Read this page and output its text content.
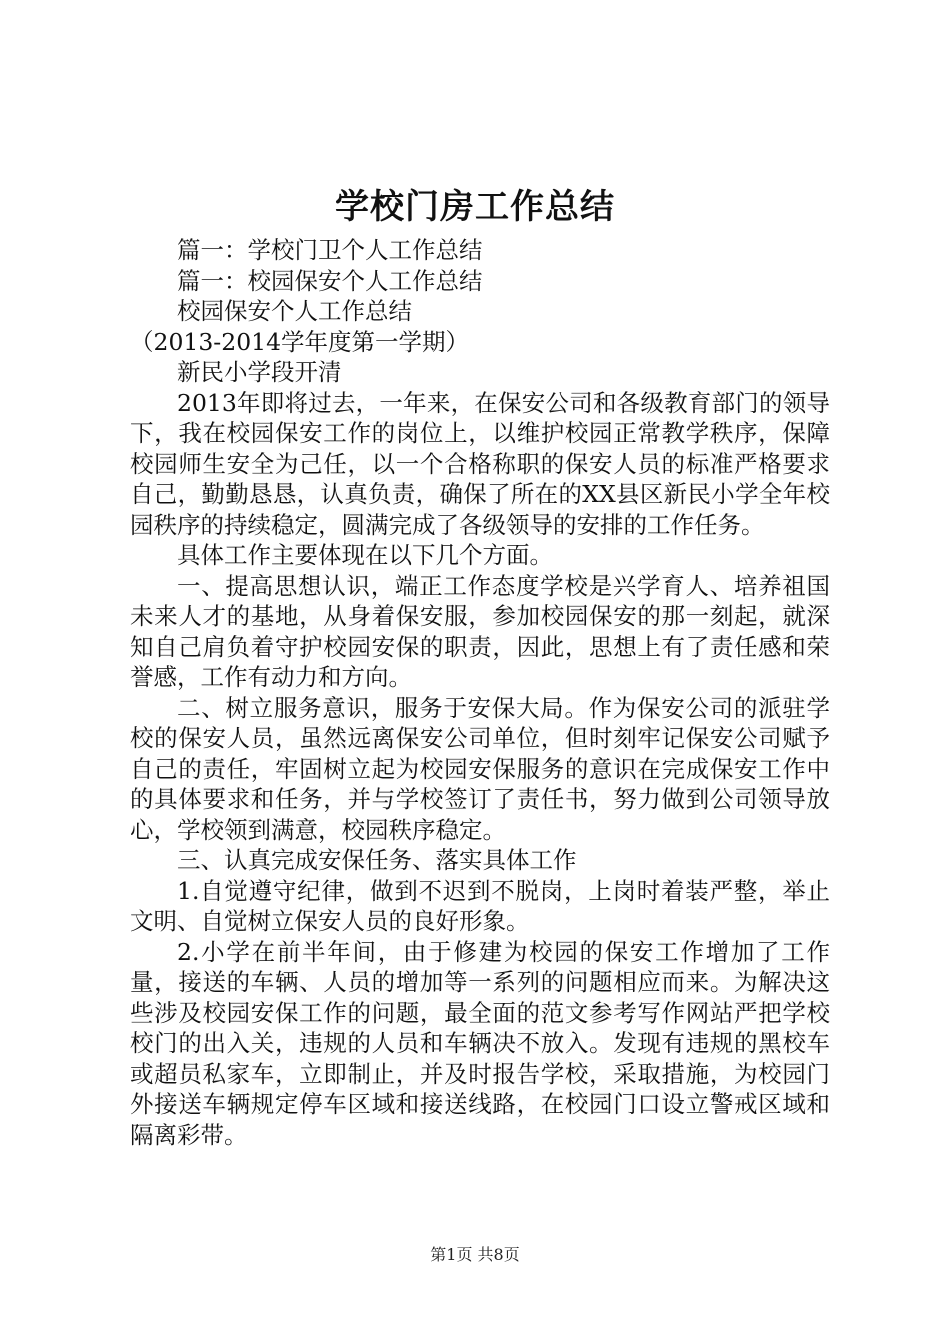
学校门房工作总结

篇一：学校门卫个人工作总结

篇一：校园保安个人工作总结

校园保安个人工作总结

（2013-2014学年度第一学期）

新民小学段开清

2013年即将过去，一年来，在保安公司和各级教育部门的领导下，我在校园保安工作的岗位上，以维护校园正常教学秩序，保障校园师生安全为己任，以一个合格称职的保安人员的标准严格要求自己，勤勤恳恳，认真负责，确保了所在的XX县区新民小学全年校园秩序的持续稳定，圆满完成了各级领导的安排的工作任务。

具体工作主要体现在以下几个方面。

一、提高思想认识，端正工作态度学校是兴学育人、培养祖国未来人才的基地，从身着保安服，参加校园保安的那一刻起，就深知自己肩负着守护校园安保的职责，因此，思想上有了责任感和荣誉感，工作有动力和方向。

二、树立服务意识，服务于安保大局。作为保安公司的派驻学校的保安人员，虽然远离保安公司单位，但时刻牢记保安公司赋予自己的责任，牢固树立起为校园安保服务的意识在完成保安工作中的具体要求和任务，并与学校签订了责任书，努力做到公司领导放心，学校领到满意，校园秩序稳定。

三、认真完成安保任务、落实具体工作

1.自觉遵守纪律，做到不迟到不脱岗，上岗时着装严整，举止文明、自觉树立保安人员的良好形象。

2.小学在前半年间，由于修建为校园的保安工作增加了工作量，接送的车辆、人员的增加等一系列的问题相应而来。为解决这些涉及校园安保工作的问题，最全面的范文参考写作网站严把学校校门的出入关，违规的人员和车辆决不放入。发现有违规的黑校车或超员私家车，立即制止，并及时报告学校，采取措施，为校园门外接送车辆规定停车区域和接送线路，在校园门口设立警戒区域和隔离彩带。

第1页 共8页
